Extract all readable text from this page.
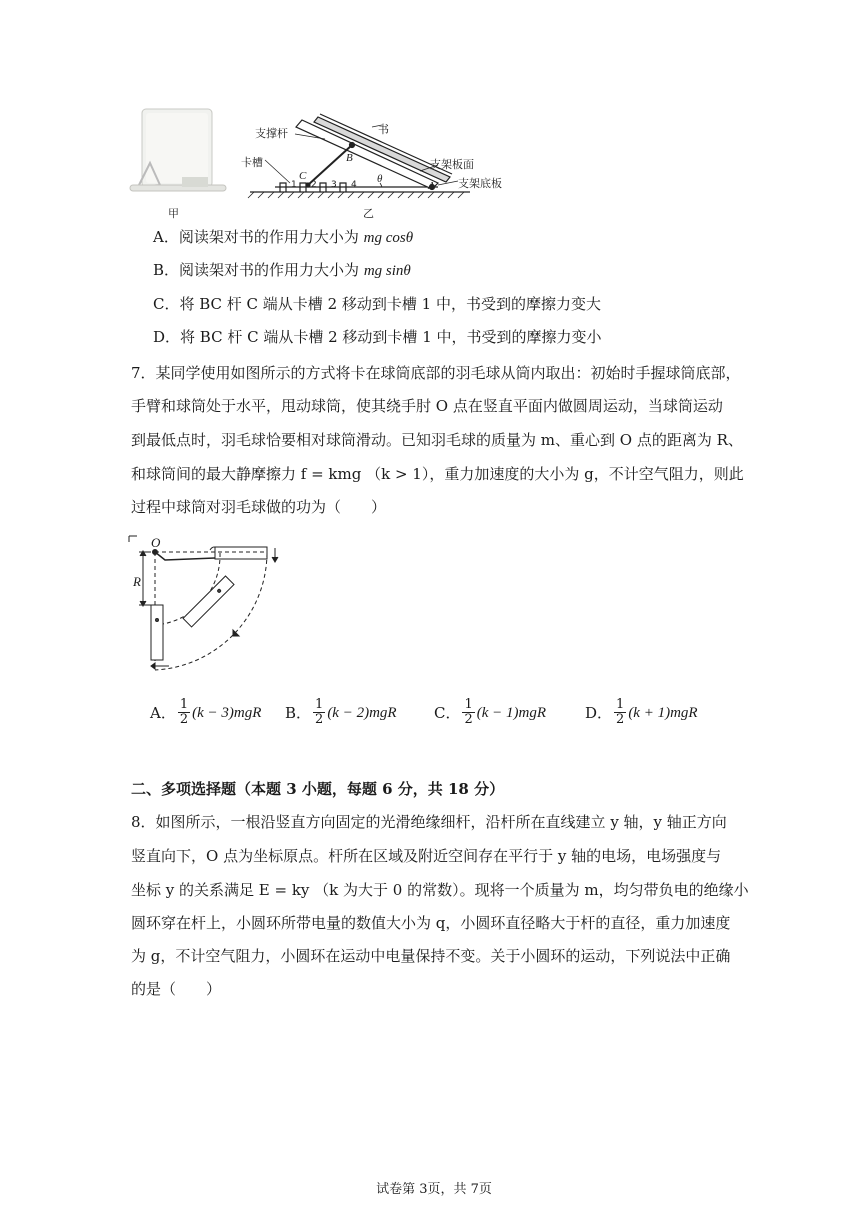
支撑杆	书
卡槽	支架板面
支架底板
C
B
A
θ
1 2 3 4
甲	乙
A．阅读架对书的作用力大小为 mg cosθ
B．阅读架对书的作用力大小为 mg sinθ
C．将 BC 杆 C 端从卡槽 2 移动到卡槽 1 中，书受到的摩擦力变大
D．将 BC 杆 C 端从卡槽 2 移动到卡槽 1 中，书受到的摩擦力变小
7．某同学使用如图所示的方式将卡在球筒底部的羽毛球从筒内取出：初始时手握球筒底部，
手臂和球筒处于水平，甩动球筒，使其绕手肘 O 点在竖直平面内做圆周运动，当球筒运动
到最低点时，羽毛球恰要相对球筒滑动。已知羽毛球的质量为 m、重心到 O 点的距离为 R、
和球筒间的最大静摩擦力 f = kmg （k > 1），重力加速度的大小为 g，不计空气阻力，则此
过程中球筒对羽毛球做的功为（　　）
O
R
A． $\frac{1}{2} (k - 3)mgR$ B． $\frac{1}{2} (k - 2)mgR$ C． $\frac{1}{2} (k - 1)mgR$	D． $\frac{1}{2} (k + 1)mgR$
二、多项选择题（本题 3 小题，每题 6 分，共 18 分）
8．如图所示，一根沿竖直方向固定的光滑绝缘细杆，沿杆所在直线建立 y 轴，y 轴正方向
竖直向下，O 点为坐标原点。杆所在区域及附近空间存在平行于 y 轴的电场，电场强度与
坐标 y 的关系满足 E = ky （k 为大于 0 的常数）。现将一个质量为 m，均匀带负电的绝缘小
圆环穿在杆上，小圆环所带电量的数值大小为 q，小圆环直径略大于杆的直径，重力加速度
为 g，不计空气阻力，小圆环在运动中电量保持不变。关于小圆环的运动，下列说法中正确
的是（　　）
试卷第 3页，共 7页
